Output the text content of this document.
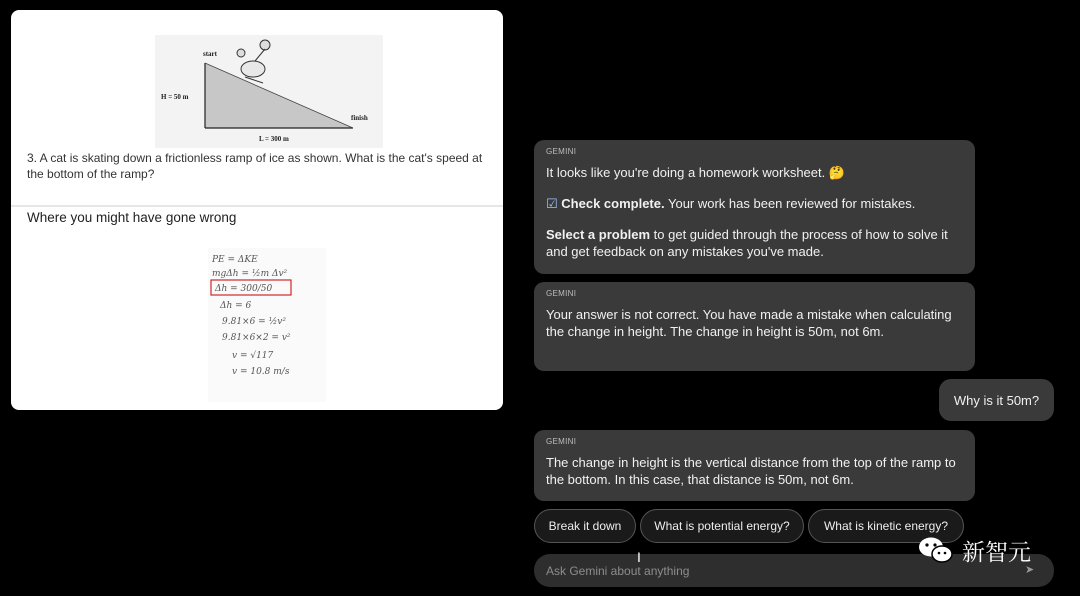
start
H = 50 m
finish
L = 300 m
3. A cat is skating down a frictionless ramp of ice as shown. What is the cat's speed at the bottom of the ramp?
Where you might have gone wrong
PE = ΔKE
mgΔh = ½m Δv²
Δh = 300/50
Δh = 6
9.81×6 = ½v²
9.81×6×2 = v²
v = √117
v = 10.8 m/s
GEMINI

It looks like you're doing a homework worksheet. 🤔

☑ Check complete. Your work has been reviewed for mistakes.

Select a problem to get guided through the process of how to solve it and get feedback on any mistakes you've made.

GEMINI

Your answer is not correct. You have made a mistake when calculating the change in height. The change in height is 50m, not 6m.

Why is it 50m?
GEMINI

The change in height is the vertical distance from the top of the ramp to the bottom. In this case, that distance is 50m, not 6m.

Break it down	What is potential energy?	What is kinetic energy?
Ask Gemini about anything
I
➤
新智元
